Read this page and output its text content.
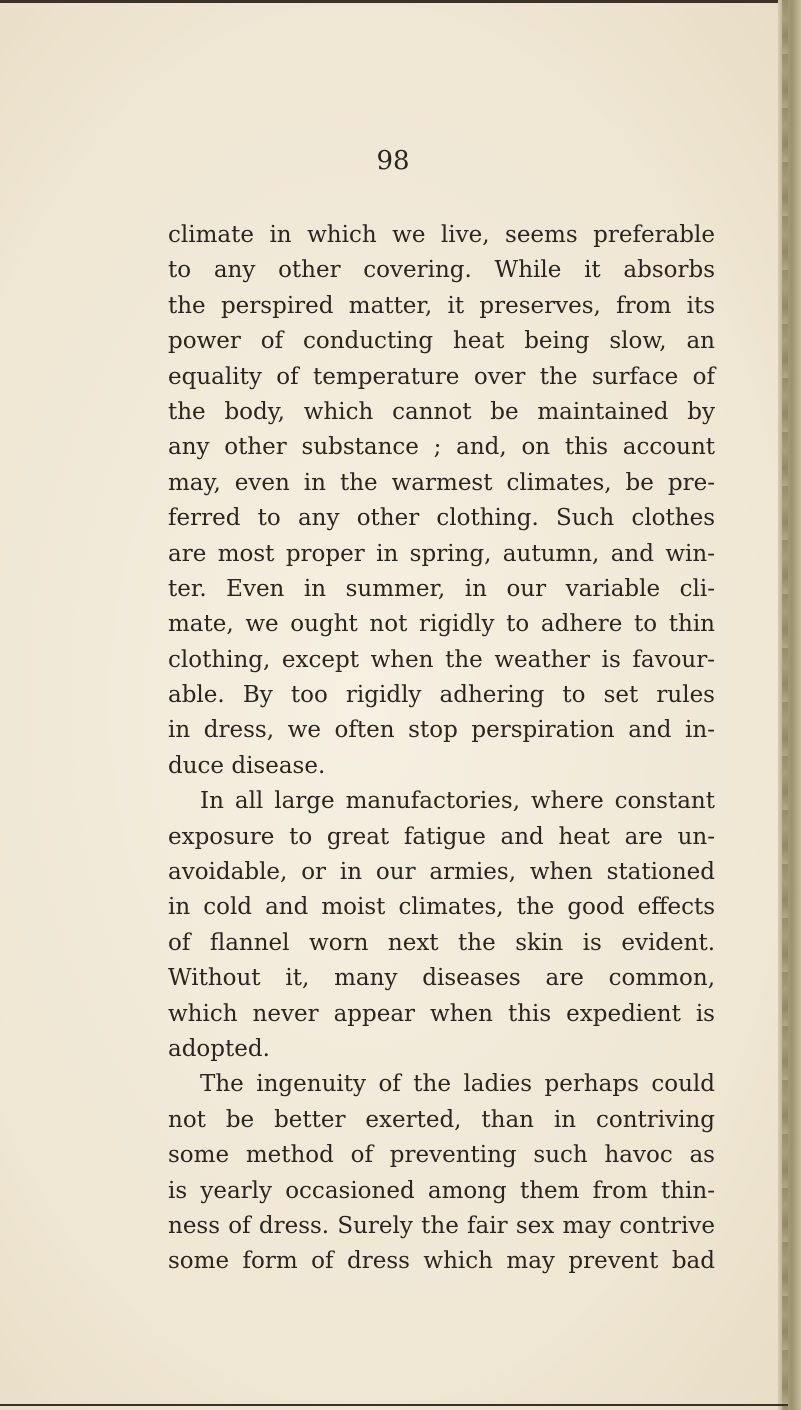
98
climate in which we live, seems preferable
to any other covering. While it absorbs
the perspired matter, it preserves, from its
power of conducting heat being slow, an
equality of temperature over the surface of
the body, which cannot be maintained by
any other substance ; and, on this account
may, even in the warmest climates, be pre-
ferred to any other clothing. Such clothes
are most proper in spring, autumn, and win-
ter. Even in summer, in our variable cli-
mate, we ought not rigidly to adhere to thin
clothing, except when the weather is favour-
able. By too rigidly adhering to set rules
in dress, we often stop perspiration and in-
duce disease.
In all large manufactories, where constant
exposure to great fatigue and heat are un-
avoidable, or in our armies, when stationed
in cold and moist climates, the good effects
of flannel worn next the skin is evident.
Without it, many diseases are common,
which never appear when this expedient is
adopted.
The ingenuity of the ladies perhaps could
not be better exerted, than in contriving
some method of preventing such havoc as
is yearly occasioned among them from thin-
ness of dress. Surely the fair sex may contrive
some form of dress which may prevent bad
